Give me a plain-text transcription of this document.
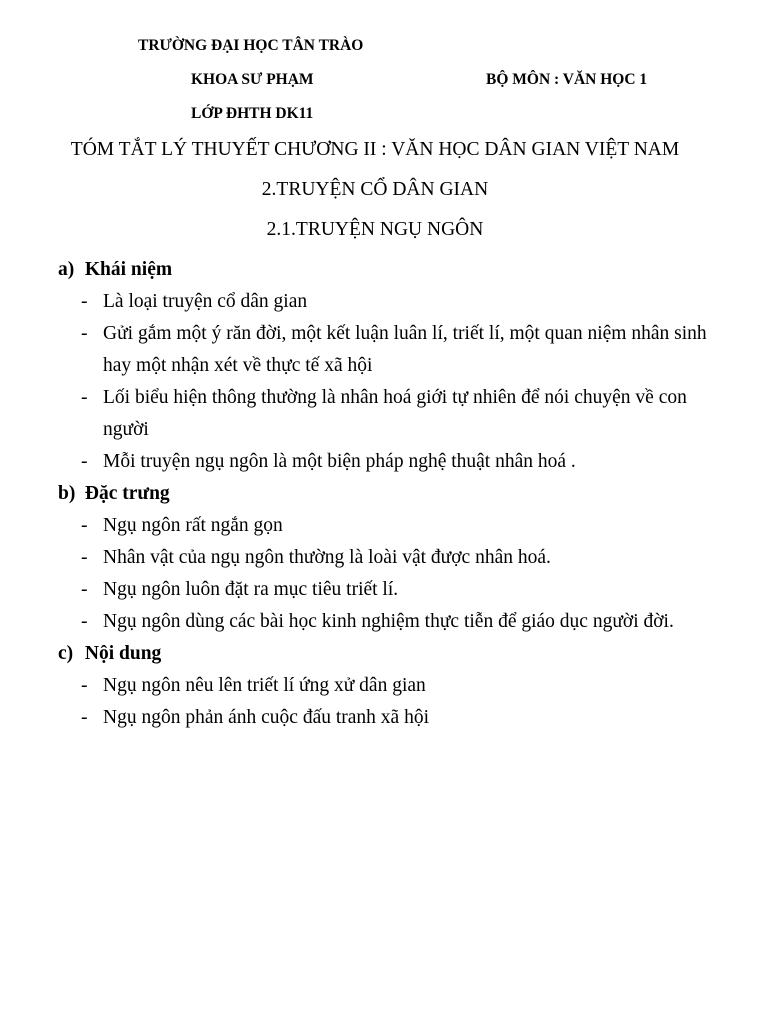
TRƯỜNG ĐẠI HỌC TÂN TRÀO
KHOA SƯ PHẠM	BỘ MÔN : VĂN HỌC 1
LỚP ĐHTH DK11
TÓM TẮT LÝ THUYẾT CHƯƠNG II : VĂN HỌC DÂN GIAN VIỆT NAM
2.TRUYỆN CỔ DÂN GIAN
2.1.TRUYỆN NGỤ NGÔN
a) Khái niệm
- Là loại truyện cổ dân gian
- Gửi gắm một ý răn đời, một kết luận luân lí, triết lí, một quan niệm nhân sinh hay một nhận xét về thực tế xã hội
- Lối biểu hiện thông thường là nhân hoá giới tự nhiên để nói chuyện về con người
- Mỗi truyện ngụ ngôn là một biện pháp nghệ thuật nhân hoá .
b) Đặc trưng
- Ngụ ngôn rất ngắn gọn
- Nhân vật của ngụ ngôn thường là loài vật được nhân hoá.
- Ngụ ngôn luôn đặt ra mục tiêu triết lí.
- Ngụ ngôn dùng các bài học kinh nghiệm thực tiễn để giáo dục người đời.
c) Nội dung
- Ngụ ngôn nêu lên triết lí ứng xử dân gian
- Ngụ ngôn phản ánh cuộc đấu tranh xã hội
